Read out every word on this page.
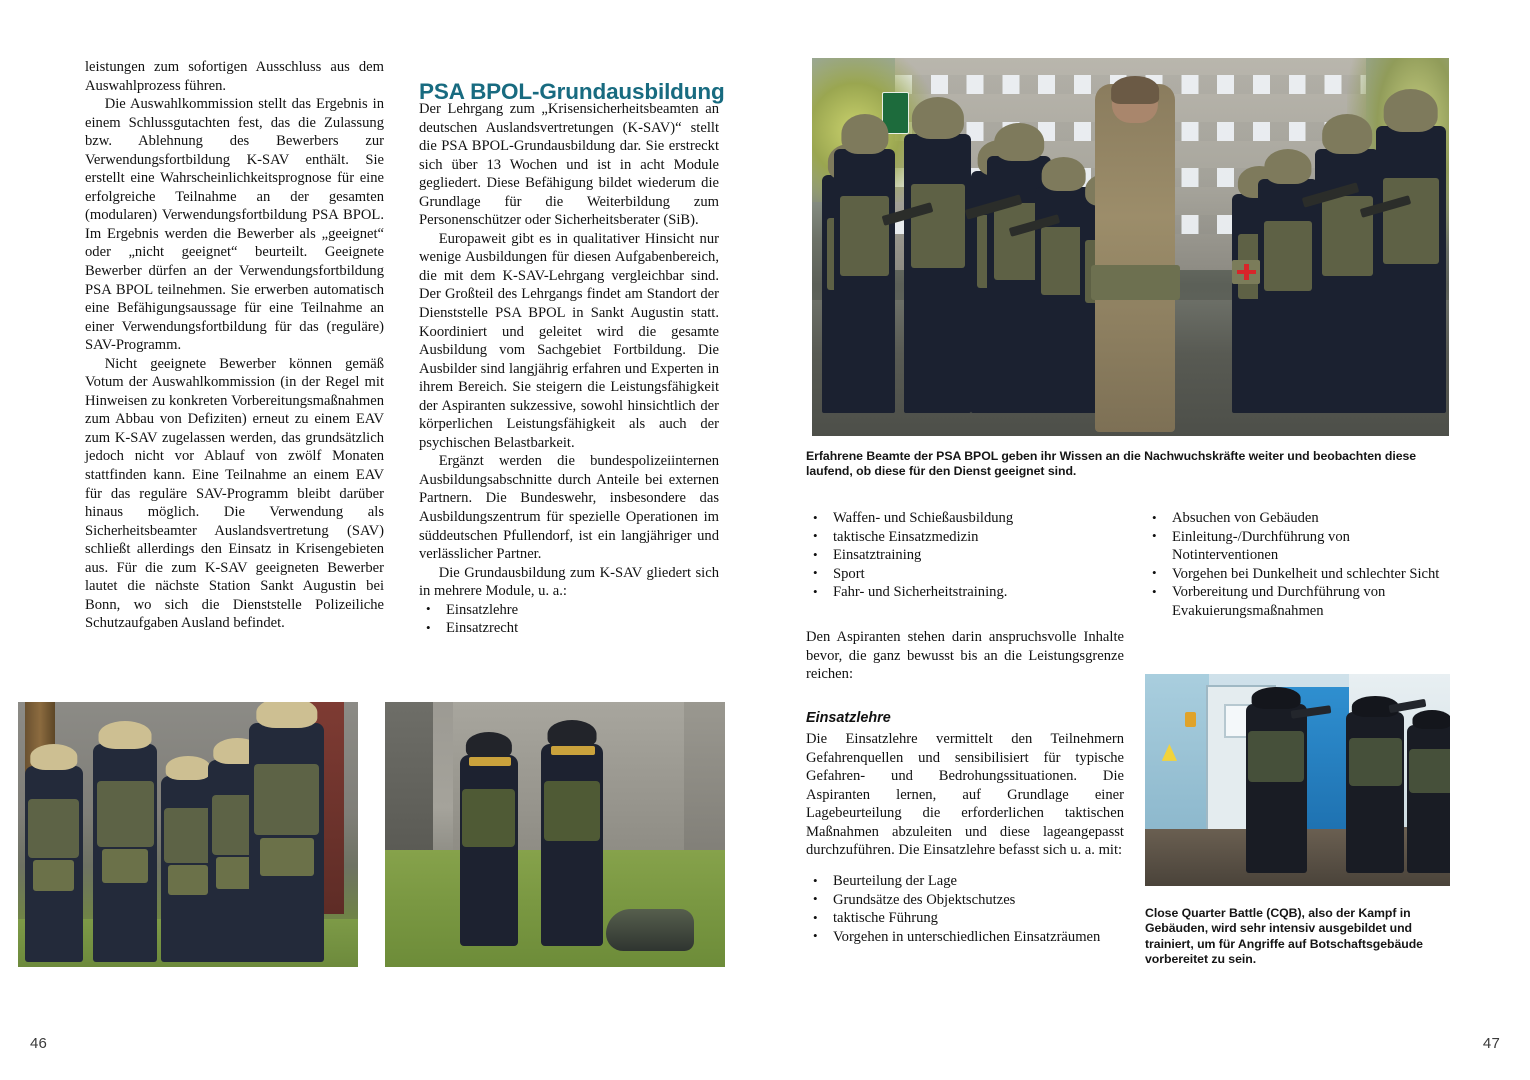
leistungen zum sofortigen Ausschluss aus dem Auswahlprozess führen.

Die Auswahlkommission stellt das Ergebnis in einem Schlussgutachten fest, das die Zulassung bzw. Ablehnung des Bewerbers zur Verwendungsfortbildung K-SAV enthält. Sie erstellt eine Wahrscheinlichkeitsprognose für eine erfolgreiche Teilnahme an der gesamten (modularen) Verwendungsfortbildung PSA BPOL. Im Ergebnis werden die Bewerber als „geeignet“ oder „nicht geeignet“ beurteilt. Geeignete Bewerber dürfen an der Verwendungsfortbildung PSA BPOL teilnehmen. Sie erwerben automatisch eine Befähigungsaussage für eine Teilnahme an einer Verwendungsfortbildung für das (reguläre) SAV-Programm.

Nicht geeignete Bewerber können gemäß Votum der Auswahlkommission (in der Regel mit Hinweisen zu konkreten Vorbereitungsmaßnahmen zum Abbau von Defiziten) erneut zu einem EAV zum K-SAV zugelassen werden, das grundsätzlich jedoch nicht vor Ablauf von zwölf Monaten stattfinden kann. Eine Teilnahme an einem EAV für das reguläre SAV-Programm bleibt darüber hinaus möglich. Die Verwendung als Sicherheitsbeamter Auslandsvertretung (SAV) schließt allerdings den Einsatz in Krisengebieten aus. Für die zum K-SAV geeigneten Bewerber lautet die nächste Station Sankt Augustin bei Bonn, wo sich die Dienststelle Polizeiliche Schutzaufgaben Ausland befindet.

PSA BPOL-Grundausbildung

Der Lehrgang zum „Krisensicherheitsbeamten an deutschen Auslandsvertretungen (K-SAV)“ stellt die PSA BPOL-Grundausbildung dar. Sie erstreckt sich über 13 Wochen und ist in acht Module gegliedert. Diese Befähigung bildet wiederum die Grundlage für die Weiterbildung zum Personenschützer oder Sicherheitsberater (SiB).

Europaweit gibt es in qualitativer Hinsicht nur wenige Ausbildungen für diesen Aufgabenbereich, die mit dem K-SAV-Lehrgang vergleichbar sind. Der Großteil des Lehrgangs findet am Standort der Dienststelle PSA BPOL in Sankt Augustin statt. Koordiniert und geleitet wird die gesamte Ausbildung vom Sachgebiet Fortbildung. Die Ausbilder sind langjährig erfahren und Experten in ihrem Bereich. Sie steigern die Leistungsfähigkeit der Aspiranten sukzessive, sowohl hinsichtlich der körperlichen Leistungsfähigkeit als auch der psychischen Belastbarkeit.

Ergänzt werden die bundespolizeiinternen Ausbildungsabschnitte durch Anteile bei externen Partnern. Die Bundeswehr, insbesondere das Ausbildungszentrum für spezielle Operationen im süddeutschen Pfullendorf, ist ein langjähriger und verlässlicher Partner.

Die Grundausbildung zum K-SAV gliedert sich in mehrere Module, u. a.:

• Einsatzlehre
• Einsatzrecht
46
Erfahrene Beamte der PSA BPOL geben ihr Wissen an die Nachwuchskräfte weiter und beobachten diese laufend, ob diese für den Dienst geeignet sind.
• Waffen- und Schießausbildung
• taktische Einsatzmedizin
• Einsatztraining
• Sport
• Fahr- und Sicherheitstraining.
• Absuchen von Gebäuden
• Einleitung-/Durchführung von Notinterventionen
• Vorgehen bei Dunkelheit und schlechter Sicht
• Vorbereitung und Durchführung von Evakuierungsmaßnahmen

Den Aspiranten stehen darin anspruchsvolle Inhalte bevor, die ganz bewusst bis an die Leistungsgrenze reichen:

Einsatzlehre

Die Einsatzlehre vermittelt den Teilnehmern Gefahrenquellen und sensibilisiert für typische Gefahren- und Bedrohungssituationen. Die Aspiranten lernen, auf Grundlage einer Lagebeurteilung die erforderlichen taktischen Maßnahmen abzuleiten und diese lageangepasst durchzuführen. Die Einsatzlehre befasst sich u. a. mit:

• Beurteilung der Lage
• Grundsätze des Objektschutzes
• taktische Führung
• Vorgehen in unterschiedlichen Einsatzräumen
Close Quarter Battle (CQB), also der Kampf in Gebäuden, wird sehr intensiv ausgebildet und trainiert, um für Angriffe auf Botschaftsgebäude vorbereitet zu sein.
47
